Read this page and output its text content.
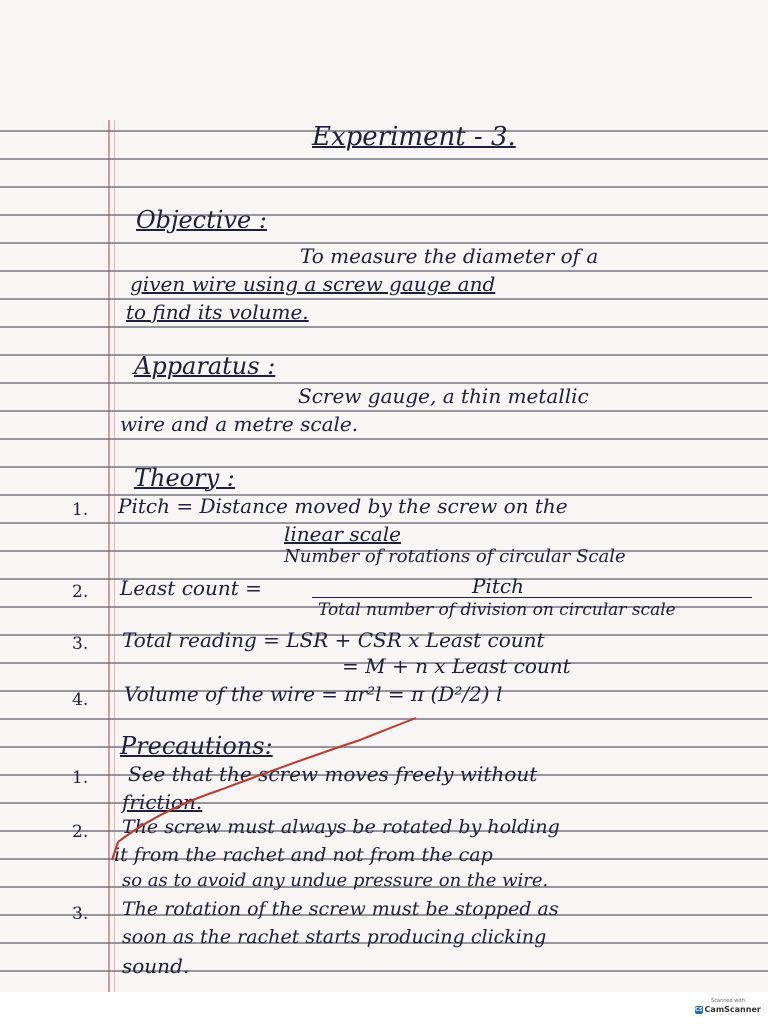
Experiment - 3.
Objective :
To measure the diameter of a
given wire using a screw gauge and
to find its volume.
Apparatus :
Screw gauge, a thin metallic
wire and a metre scale.
Theory :
1. Pitch = Distance moved by the screw on the
linear scale
Number of rotations of circular Scale
2. Least count =	Pitch
Total number of division on circular scale
3. Total reading = LSR + CSR x Least count
= M + n x Least count
4. Volume of the wire = πr²l = π (D²/2) l
Precautions:
1. See that the screw moves freely without
friction.
2. The screw must always be rotated by holding
it from the rachet and not from the cap
so as to avoid any undue pressure on the wire.
3. The rotation of the screw must be stopped as
soon as the rachet starts producing clicking
sound.
Scanned with
CS CamScanner
